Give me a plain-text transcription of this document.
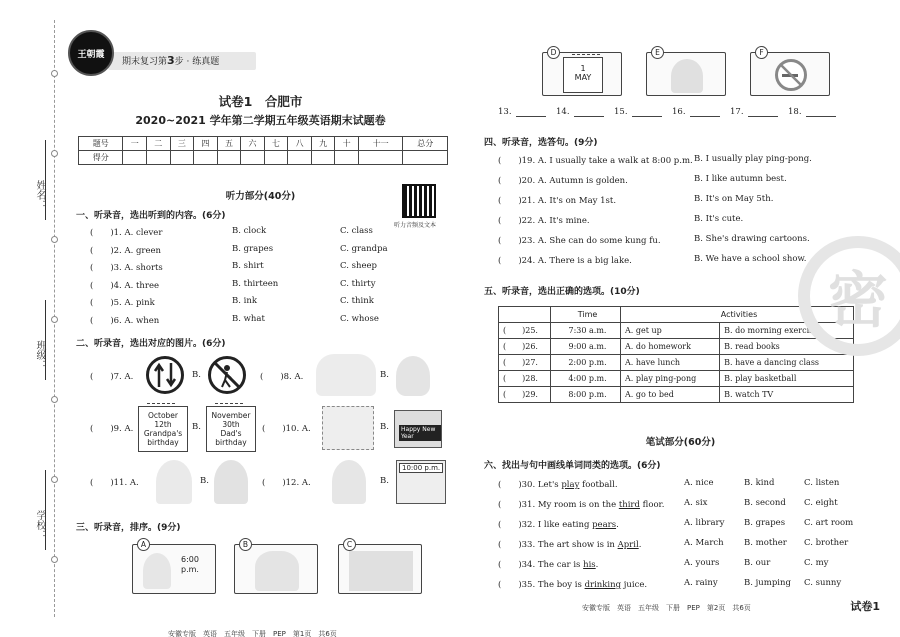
姓名：
班级：
学校：
期末复习第3步 · 练真题
王朝霞
试卷1　合肥市
2020~2021 学年第二学期五年级英语期末试题卷
题号	一	二	三	四	五	六	七	八	九	十	十一	总分
得分												
听力部分(40分)
听力音频及文本
一、听录音，选出听到的内容。(6分)
二、听录音，选出对应的图片。(6分)
(　　)7. A.	B.	(　　)8. A.	B.
(　　)9. A.
October
12th
Grandpa's
birthday
B.
November
30th
Dad's
birthday
(　　)10. A.	B.	Happy New Year
(　　)11. A.	B.	(　　)12. A.	B.
10:00 p.m.
三、听录音，排序。(9分)
A
6:00
p.m.
B	C
安徽专版　英语　五年级　下册　PEP　第1页　共6页
(　　)1. A. clever	B. clock	C. class
(　　)2. A. green	B. grapes	C. grandpa
(　　)3. A. shorts	B. shirt	C. sheep
(　　)4. A. three	B. thirteen	C. thirty
(　　)5. A. pink	B. ink	C. think
(　　)6. A. when	B. what	C. whose
D
1
MAY
E	F
13.	14.	15.	16.	17.	18.
四、听录音，选答句。(9分)
五、听录音，选出正确的选项。(10分)
	Time	Activities	
(　　)25.	7:30 a.m.	A. get up	B. do morning exercises
(　　)26.	9:00 a.m.	A. do homework	B. read books
(　　)27.	2:00 p.m.	A. have lunch	B. have a dancing class
(　　)28.	4:00 p.m.	A. play ping-pong	B. play basketball
(　　)29.	8:00 p.m.	A. go to bed	B. watch TV
笔试部分(60分)
六、找出与句中画线单词同类的选项。(6分)
安徽专版　英语　五年级　下册　PEP　第2页　共6页
(　　)19. A. I usually take a walk at 8:00 p.m. B. I usually play ping-pong.
(　　)20. A. Autumn is golden.	B. I like autumn best.
(　　)21. A. It's on May 1st.	B. It's on May 5th.
(　　)22. A. It's mine.	B. It's cute.
(　　)23. A. She can do some kung fu.	B. She's drawing cartoons.
(　　)24. A. There is a big lake.	B. We have a school show.
(　　)30. Let's play football.	A. nice	B. kind	C. listen
(　　)31. My room is on the third floor. A. six	B. second C. eight
(　　)32. I like eating pears.	A. library B. grapes C. art room
(　　)33. The art show is in April.	A. March B. mother C. brother
(　　)34. The car is his.	A. yours	B. our	C. my
(　　)35. The boy is drinking juice.	A. rainy	B. jumping C. sunny
密
试卷1
